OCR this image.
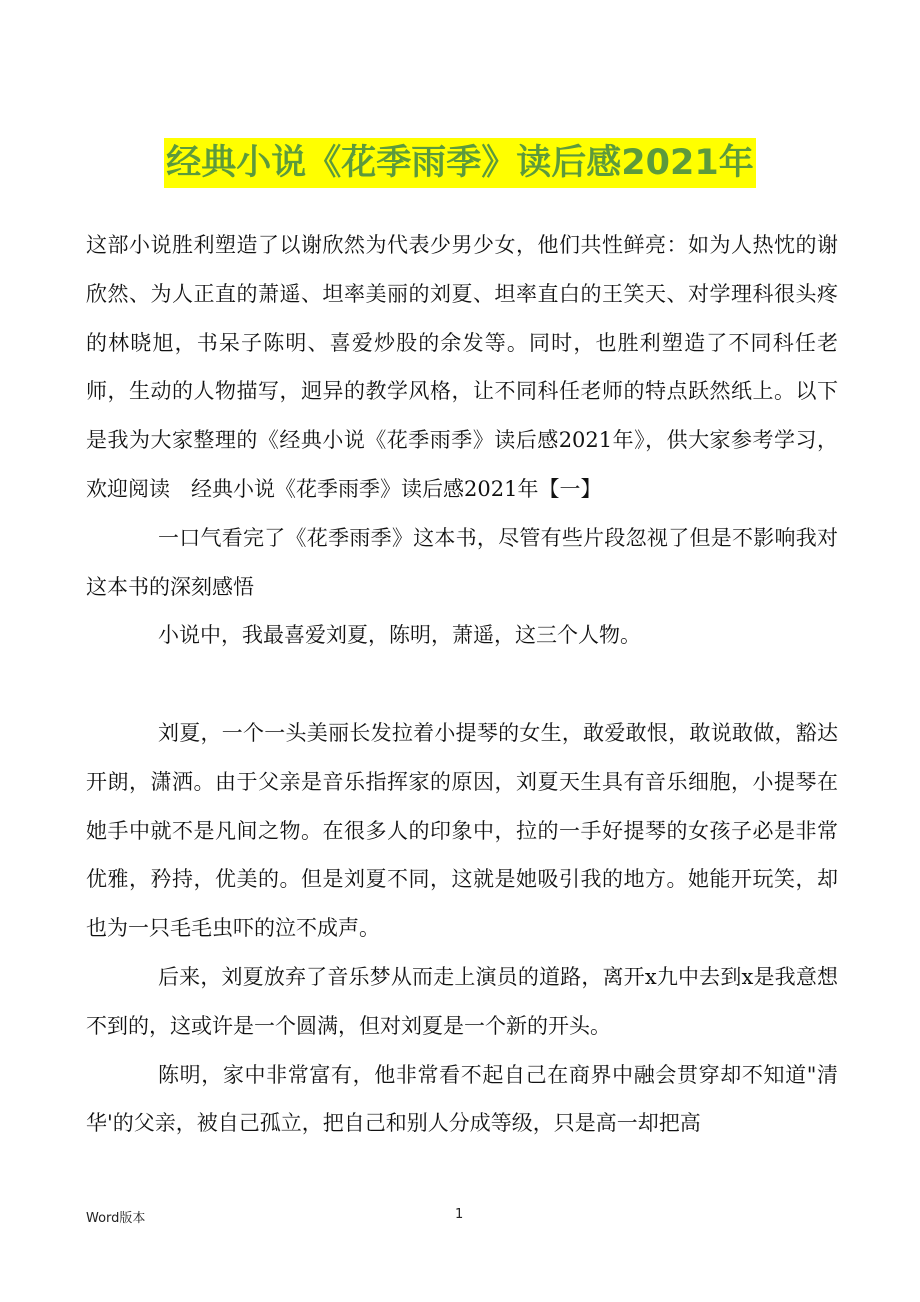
经典小说《花季雨季》读后感2021年

这部小说胜利塑造了以谢欣然为代表少男少女，他们共性鲜亮：如为人热忱的谢欣然、为人正直的萧遥、坦率美丽的刘夏、坦率直白的王笑天、对学理科很头疼的林晓旭，书呆子陈明、喜爱炒股的余发等。同时，也胜利塑造了不同科任老师，生动的人物描写，迥异的教学风格，让不同科任老师的特点跃然纸上。以下是我为大家整理的《经典小说《花季雨季》读后感2021年》，供大家参考学习，欢迎阅读　经典小说《花季雨季》读后感2021年【一】

一口气看完了《花季雨季》这本书，尽管有些片段忽视了但是不影响我对这本书的深刻感悟

小说中，我最喜爱刘夏，陈明，萧遥，这三个人物。

刘夏，一个一头美丽长发拉着小提琴的女生，敢爱敢恨，敢说敢做，豁达开朗，潇洒。由于父亲是音乐指挥家的原因，刘夏天生具有音乐细胞，小提琴在她手中就不是凡间之物。在很多人的印象中，拉的一手好提琴的女孩子必是非常优雅，矜持，优美的。但是刘夏不同，这就是她吸引我的地方。她能开玩笑，却也为一只毛毛虫吓的泣不成声。

后来，刘夏放弃了音乐梦从而走上演员的道路，离开x九中去到x是我意想不到的，这或许是一个圆满，但对刘夏是一个新的开头。

陈明，家中非常富有，他非常看不起自己在商界中融会贯穿却不知道"清华'的父亲，被自己孤立，把自己和别人分成等级，只是高一却把高

Word版本	1
